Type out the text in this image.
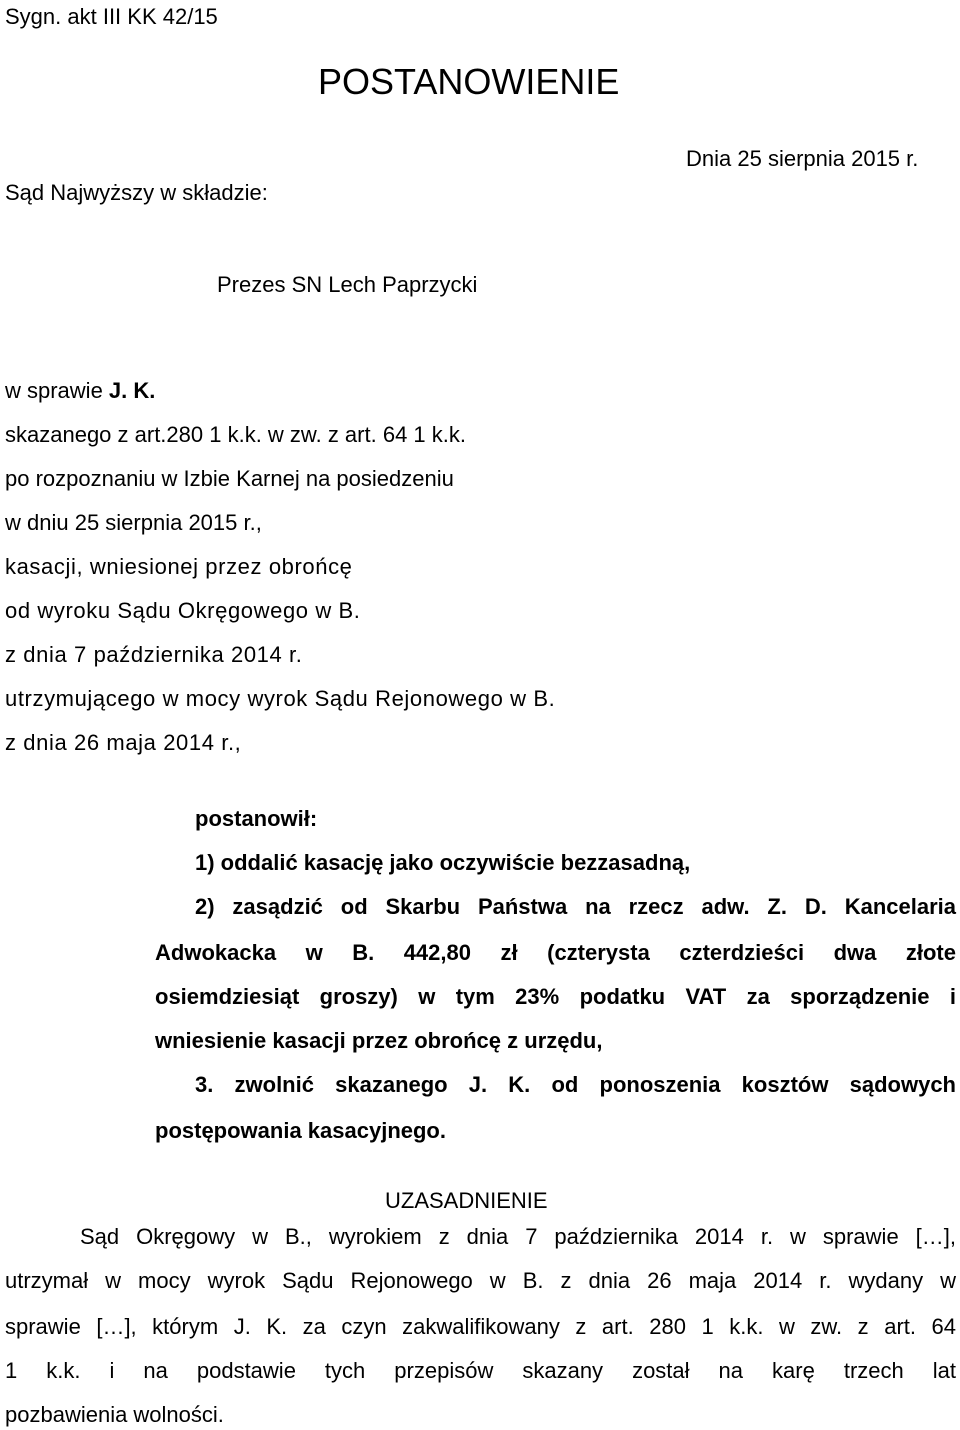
Sygn. akt III KK 42/15
POSTANOWIENIE
Dnia 25 sierpnia 2015 r.
Sąd Najwyższy w składzie:
Prezes SN Lech Paprzycki
w sprawie J. K.
skazanego z art.280 1 k.k. w zw. z art. 64 1 k.k.
po rozpoznaniu w Izbie Karnej na posiedzeniu
w dniu 25 sierpnia 2015 r.,
kasacji, wniesionej przez obrońcę
od wyroku Sądu Okręgowego w B.
z dnia 7 października 2014 r.
utrzymującego w mocy wyrok Sądu Rejonowego w B.
z dnia 26 maja 2014 r.,
postanowił:
1) oddalić kasację jako oczywiście bezzasadną,
2) zasądzić od Skarbu Państwa na rzecz adw. Z. D. Kancelaria
Adwokacka w B. 442,80 zł (czterysta czterdzieści dwa złote
osiemdziesiąt groszy) w tym 23% podatku VAT za sporządzenie i
wniesienie kasacji przez obrońcę z urzędu,
3. zwolnić skazanego J. K. od ponoszenia kosztów sądowych
postępowania kasacyjnego.
UZASADNIENIE
Sąd Okręgowy w B., wyrokiem z dnia 7 października 2014 r. w sprawie […],
utrzymał w mocy wyrok Sądu Rejonowego w B. z dnia 26 maja 2014 r. wydany w
sprawie […], którym J. K. za czyn zakwalifikowany z art. 280 1 k.k. w zw. z art. 64
1 k.k. i na podstawie tych przepisów skazany został na karę trzech lat
pozbawienia wolności.
